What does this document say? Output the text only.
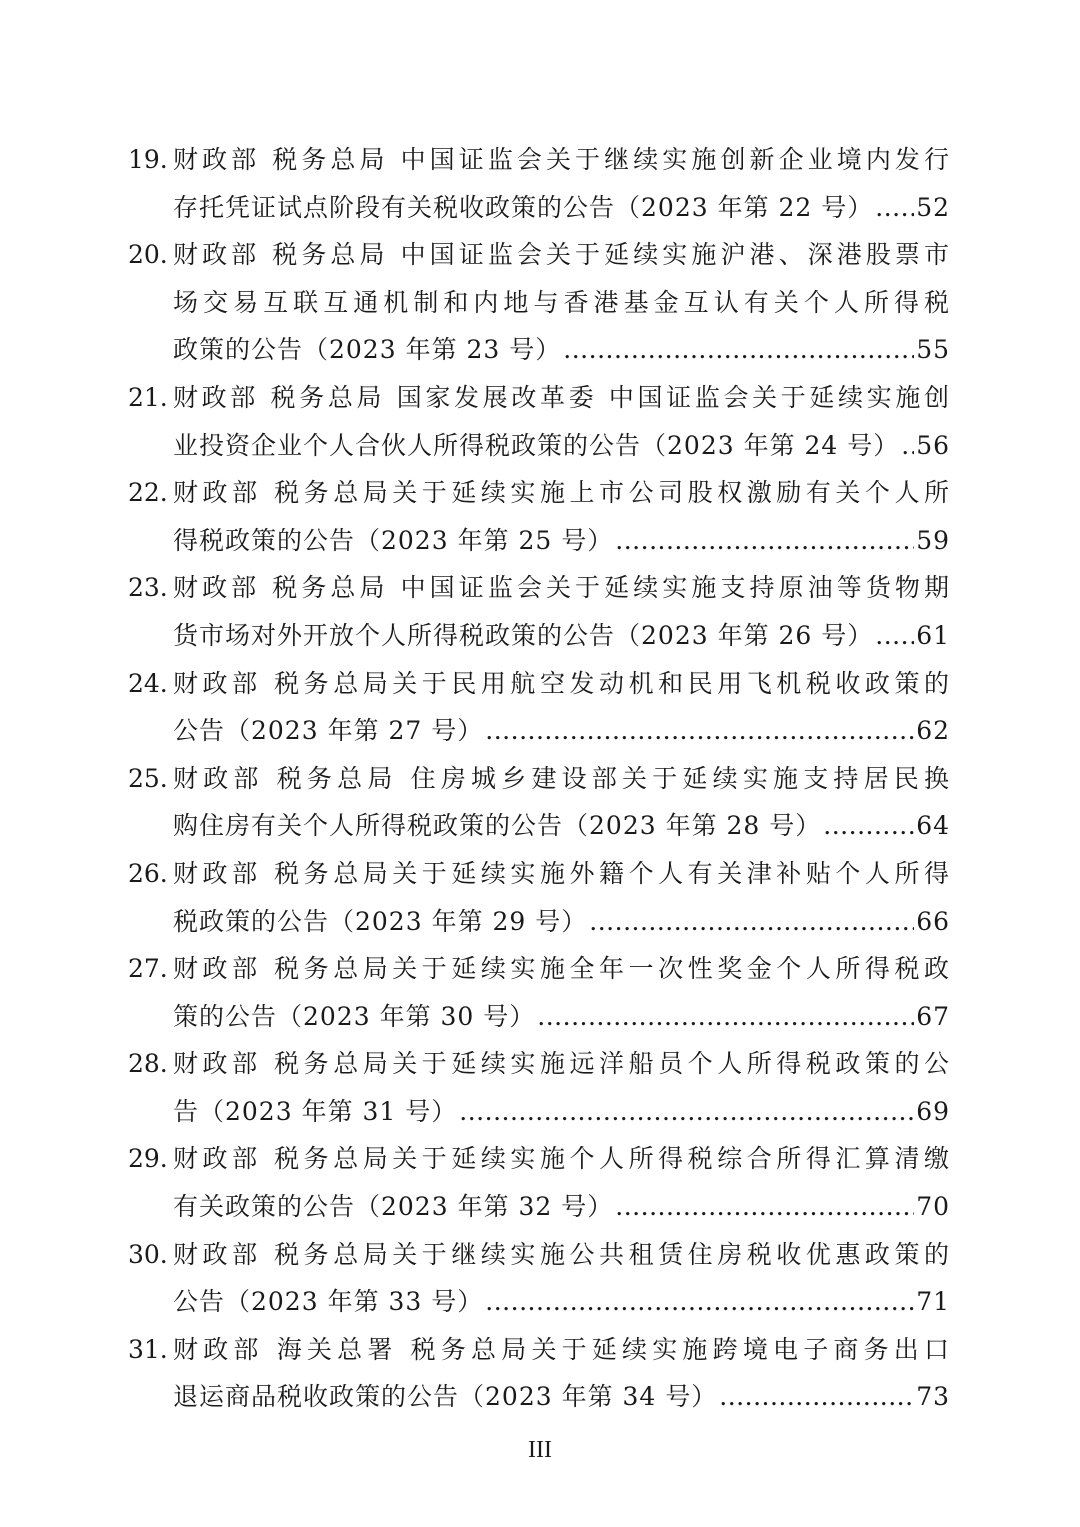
19. 财政部 税务总局 中国证监会关于继续实施创新企业境内发行
存托凭证试点阶段有关税收政策的公告（2023 年第 22 号） ..... 52
20. 财政部 税务总局 中国证监会关于延续实施沪港、深港股票市
场交易互联互通机制和内地与香港基金互认有关个人所得税
政策的公告（2023 年第 23 号） .....	55
21. 财政部 税务总局 国家发展改革委 中国证监会关于延续实施创
业投资企业个人合伙人所得税政策的公告（2023 年第 24 号） ..... 56
22. 财政部 税务总局关于延续实施上市公司股权激励有关个人所
得税政策的公告（2023 年第 25 号） .....	59
23. 财政部 税务总局 中国证监会关于延续实施支持原油等货物期
货市场对外开放个人所得税政策的公告（2023 年第 26 号） ..... 61
24. 财政部 税务总局关于民用航空发动机和民用飞机税收政策的
公告（2023 年第 27 号） .....	62
25. 财政部 税务总局 住房城乡建设部关于延续实施支持居民换
购住房有关个人所得税政策的公告（2023 年第 28 号） .....	64
26. 财政部 税务总局关于延续实施外籍个人有关津补贴个人所得
税政策的公告（2023 年第 29 号） .....	66
27. 财政部 税务总局关于延续实施全年一次性奖金个人所得税政
策的公告（2023 年第 30 号） .....	67
28. 财政部 税务总局关于延续实施远洋船员个人所得税政策的公
告（2023 年第 31 号） .....	69
29. 财政部 税务总局关于延续实施个人所得税综合所得汇算清缴
有关政策的公告（2023 年第 32 号） .....	70
30. 财政部 税务总局关于继续实施公共租赁住房税收优惠政策的
公告（2023 年第 33 号） .....	71
31. 财政部 海关总署 税务总局关于延续实施跨境电子商务出口
退运商品税收政策的公告（2023 年第 34 号） .....	73
III
